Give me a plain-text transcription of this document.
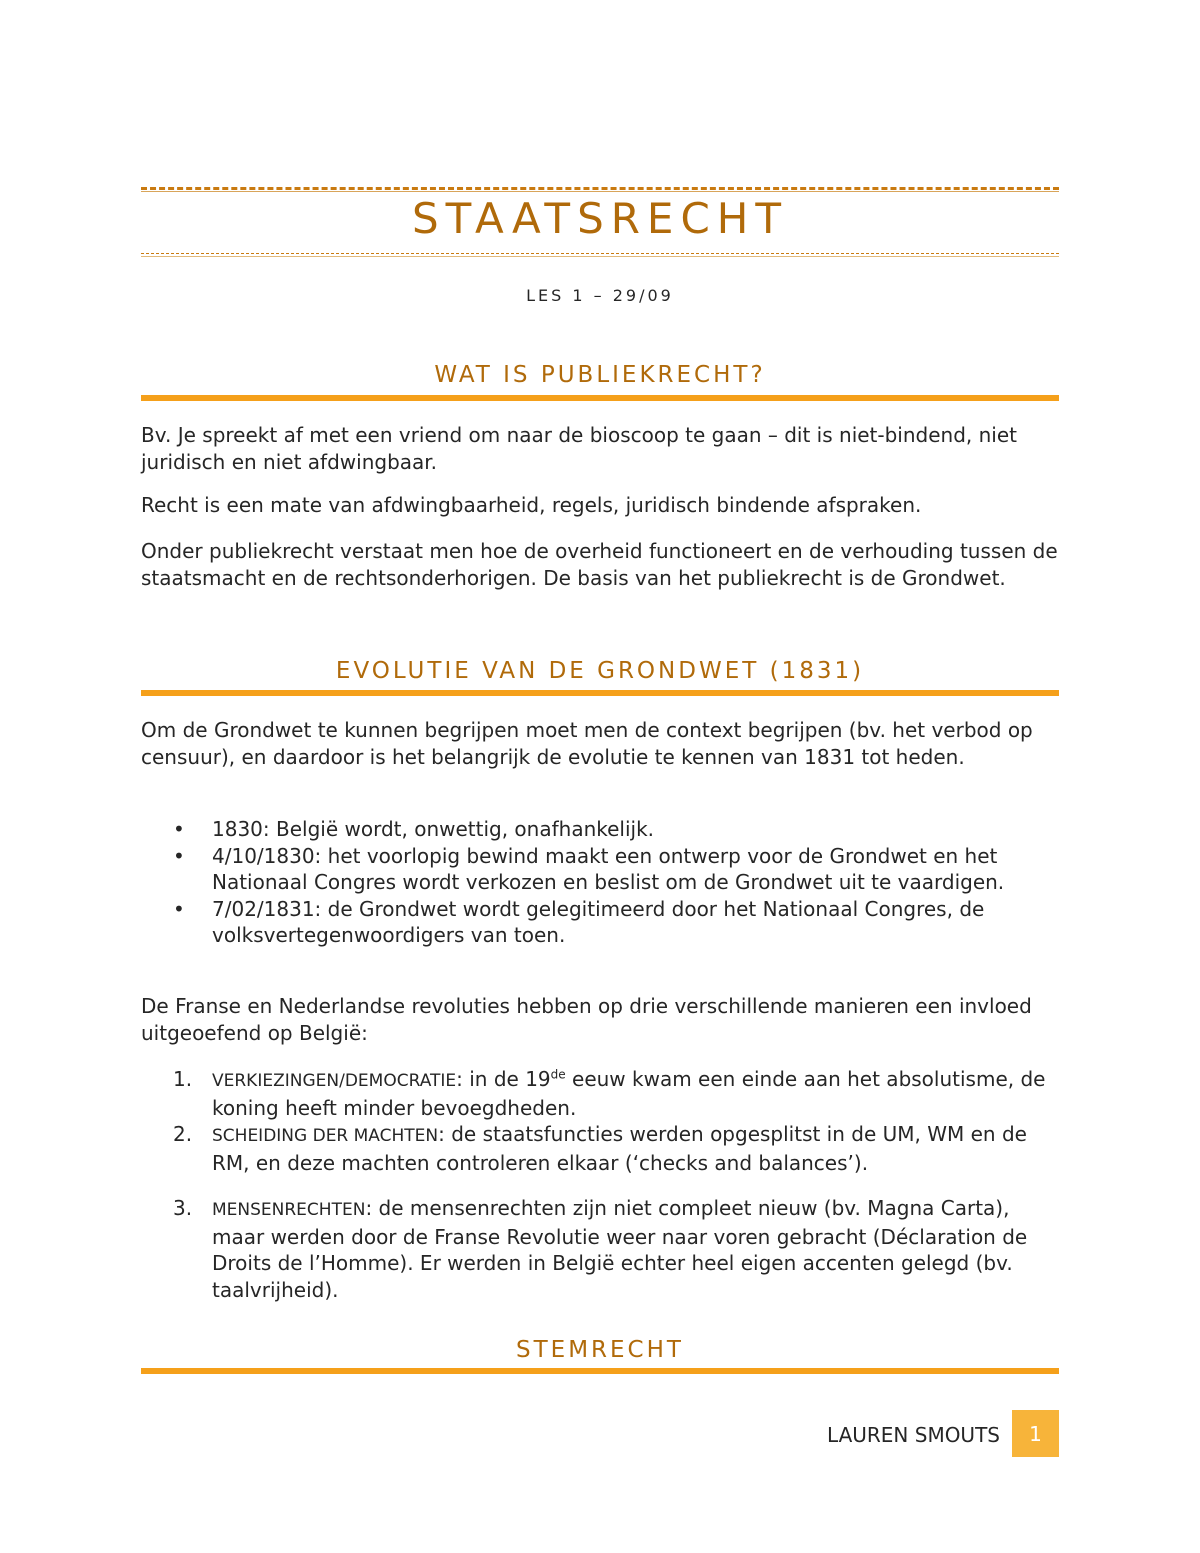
STAATSRECHT
LES 1 – 29/09
WAT IS PUBLIEKRECHT?
Bv. Je spreekt af met een vriend om naar de bioscoop te gaan – dit is niet-bindend, niet juridisch en niet afdwingbaar.
Recht is een mate van afdwingbaarheid, regels, juridisch bindende afspraken.
Onder publiekrecht verstaat men hoe de overheid functioneert en de verhouding tussen de staatsmacht en de rechtsonderhorigen. De basis van het publiekrecht is de Grondwet.
EVOLUTIE VAN DE GRONDWET (1831)
Om de Grondwet te kunnen begrijpen moet men de context begrijpen (bv. het verbod op censuur), en daardoor is het belangrijk de evolutie te kennen van 1831 tot heden.
• 1830: België wordt, onwettig, onafhankelijk.
• 4/10/1830: het voorlopig bewind maakt een ontwerp voor de Grondwet en het Nationaal Congres wordt verkozen en beslist om de Grondwet uit te vaardigen.
• 7/02/1831: de Grondwet wordt gelegitimeerd door het Nationaal Congres, de volksvertegenwoordigers van toen.
De Franse en Nederlandse revoluties hebben op drie verschillende manieren een invloed uitgeoefend op België:
1. VERKIEZINGEN/DEMOCRATIE: in de 19de eeuw kwam een einde aan het absolutisme, de koning heeft minder bevoegdheden.
2. SCHEIDING DER MACHTEN: de staatsfuncties werden opgesplitst in de UM, WM en de RM, en deze machten controleren elkaar (‘checks and balances’).
3. MENSENRECHTEN: de mensenrechten zijn niet compleet nieuw (bv. Magna Carta), maar werden door de Franse Revolutie weer naar voren gebracht (Déclaration de Droits de l’Homme). Er werden in België echter heel eigen accenten gelegd (bv. taalvrijheid).
STEMRECHT
LAUREN SMOUTS	1
